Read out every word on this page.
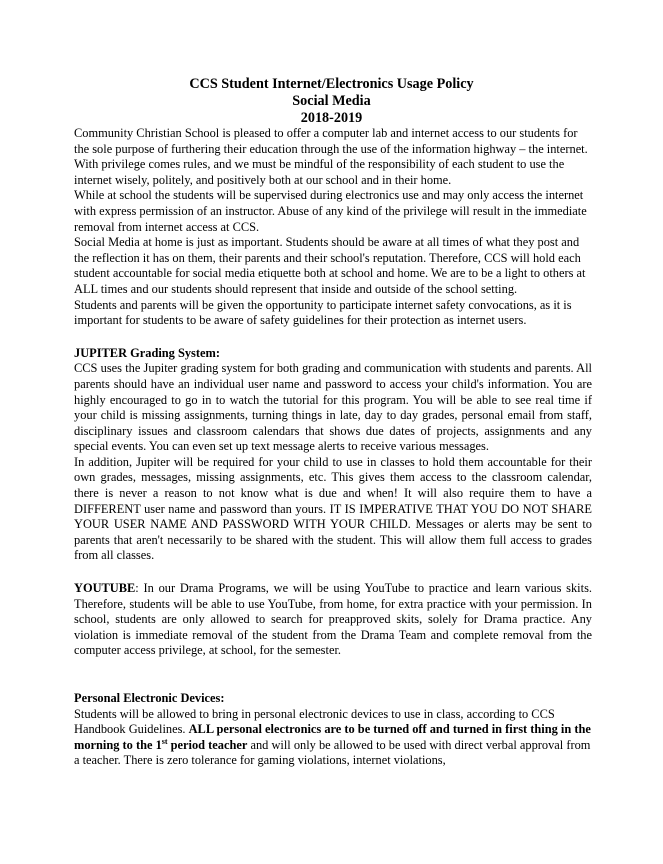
CCS Student Internet/Electronics Usage Policy
Social Media
2018-2019

Community Christian School is pleased to offer a computer lab and internet access to our students for the sole purpose of furthering their education through the use of the information highway – the internet. With privilege comes rules, and we must be mindful of the responsibility of each student to use the internet wisely, politely, and positively both at our school and in their home.

While at school the students will be supervised during electronics use and may only access the internet with express permission of an instructor. Abuse of any kind of the privilege will result in the immediate removal from internet access at CCS.

Social Media at home is just as important. Students should be aware at all times of what they post and the reflection it has on them, their parents and their school's reputation. Therefore, CCS will hold each student accountable for social media etiquette both at school and home. We are to be a light to others at ALL times and our students should represent that inside and outside of the school setting.

Students and parents will be given the opportunity to participate internet safety convocations, as it is important for students to be aware of safety guidelines for their protection as internet users.

JUPITER Grading System:

CCS uses the Jupiter grading system for both grading and communication with students and parents. All parents should have an individual user name and password to access your child's information. You are highly encouraged to go in to watch the tutorial for this program. You will be able to see real time if your child is missing assignments, turning things in late, day to day grades, personal email from staff, disciplinary issues and classroom calendars that shows due dates of projects, assignments and any special events. You can even set up text message alerts to receive various messages.

In addition, Jupiter will be required for your child to use in classes to hold them accountable for their own grades, messages, missing assignments, etc. This gives them access to the classroom calendar, there is never a reason to not know what is due and when! It will also require them to have a DIFFERENT user name and password than yours. IT IS IMPERATIVE THAT YOU DO NOT SHARE YOUR USER NAME AND PASSWORD WITH YOUR CHILD. Messages or alerts may be sent to parents that aren't necessarily to be shared with the student. This will allow them full access to grades from all classes.

YOUTUBE: In our Drama Programs, we will be using YouTube to practice and learn various skits. Therefore, students will be able to use YouTube, from home, for extra practice with your permission. In school, students are only allowed to search for preapproved skits, solely for Drama practice. Any violation is immediate removal of the student from the Drama Team and complete removal from the computer access privilege, at school, for the semester.

Personal Electronic Devices:

Students will be allowed to bring in personal electronic devices to use in class, according to CCS Handbook Guidelines. ALL personal electronics are to be turned off and turned in first thing in the morning to the 1st period teacher and will only be allowed to be used with direct verbal approval from a teacher. There is zero tolerance for gaming violations, internet violations,
